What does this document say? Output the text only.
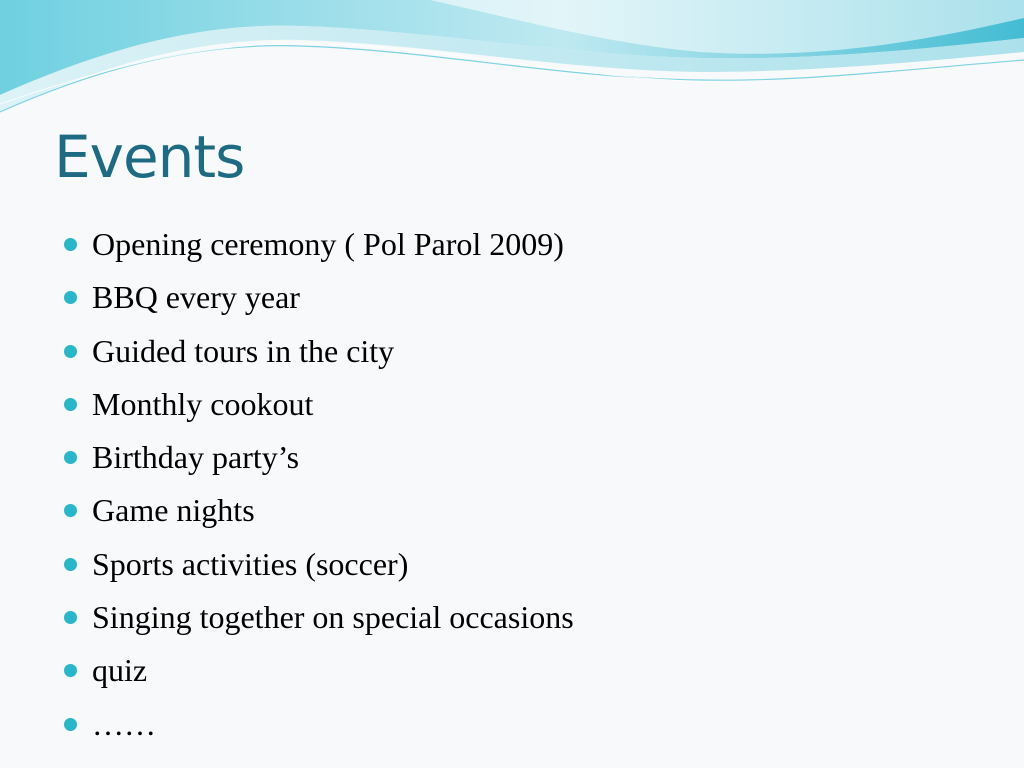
Events
Opening ceremony ( Pol Parol 2009)
BBQ every year
Guided tours in the city
Monthly cookout
Birthday party’s
Game nights
Sports activities (soccer)
Singing together on special occasions
quiz
……
